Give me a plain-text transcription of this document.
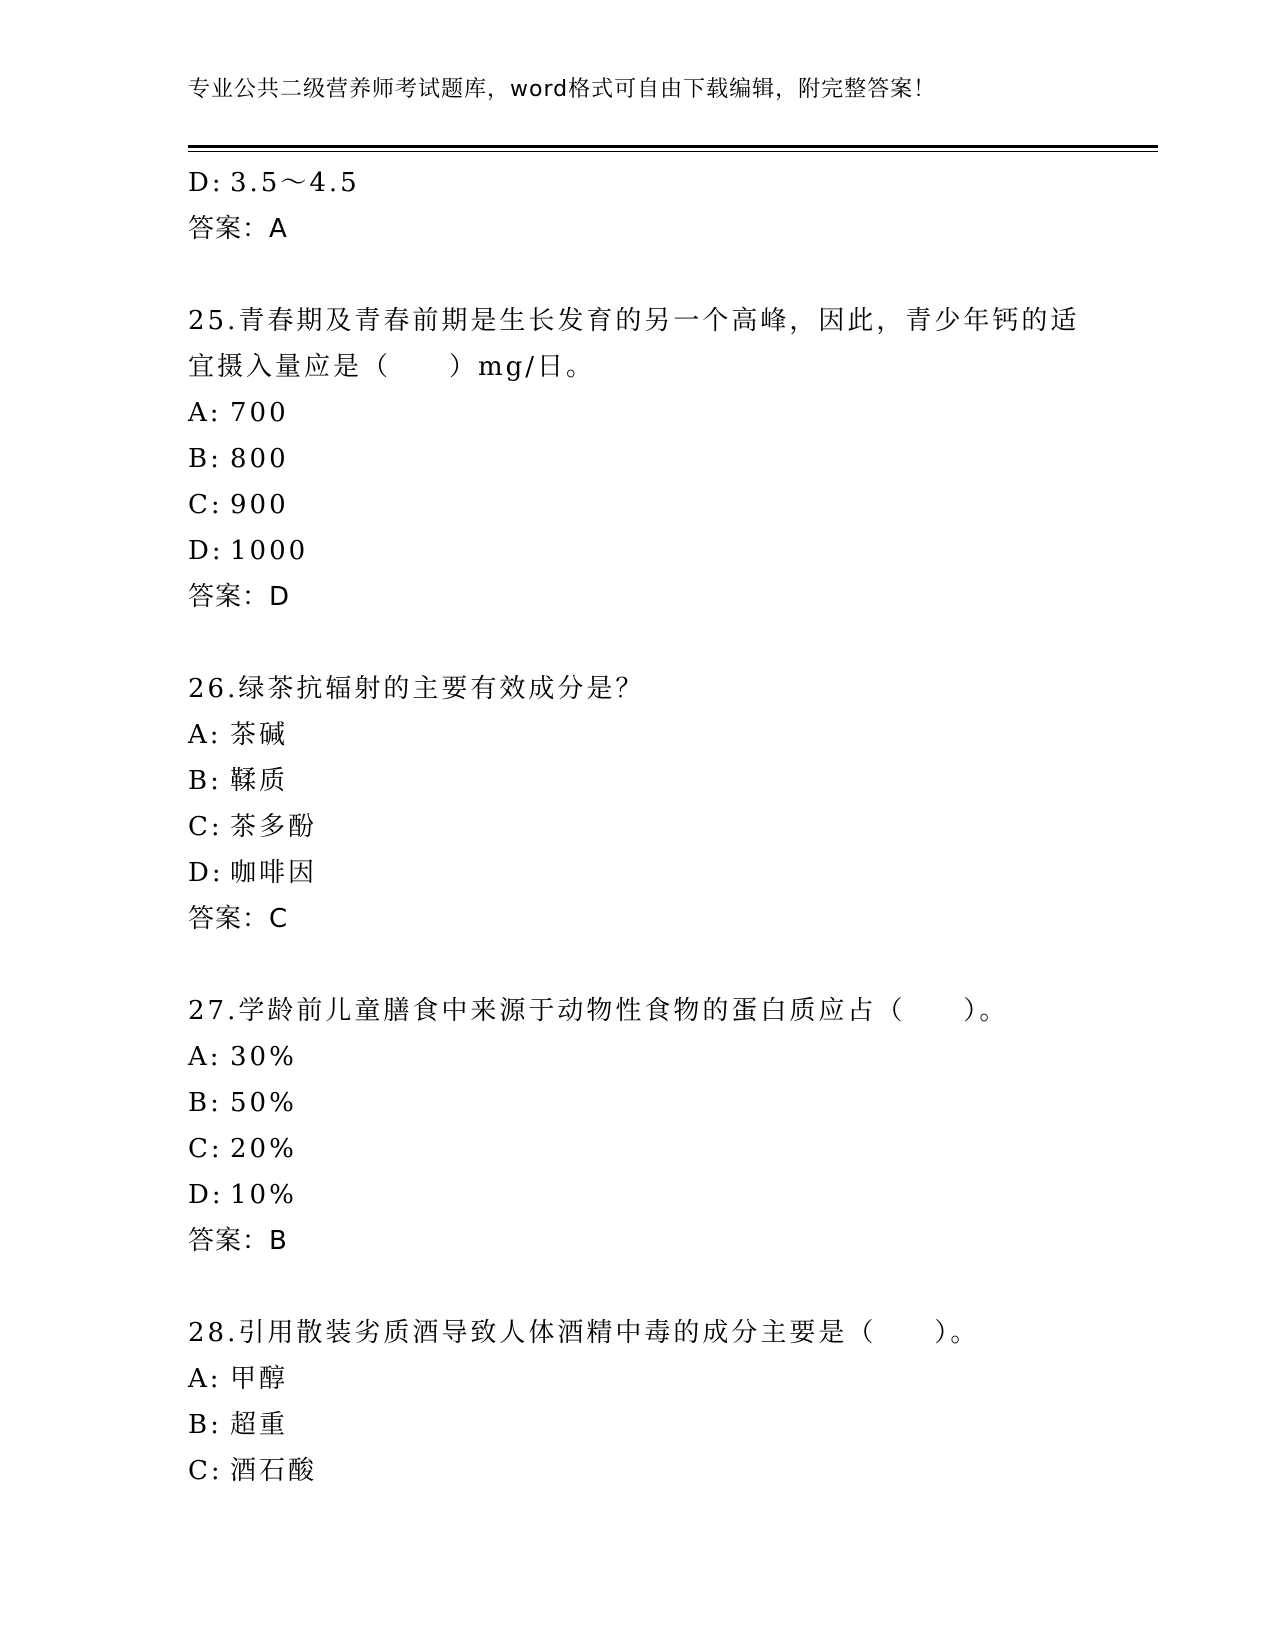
专业公共二级营养师考试题库，word格式可自由下载编辑，附完整答案！
D: 3.5～4.5
答案：A
25.青春期及青春前期是生长发育的另一个高峰，因此，青少年钙的适
宜摄入量应是（　　）mg/日。
A: 700
B: 800
C: 900
D: 1000
答案：D
26.绿茶抗辐射的主要有效成分是？
A: 茶碱
B: 鞣质
C: 茶多酚
D: 咖啡因
答案：C
27.学龄前儿童膳食中来源于动物性食物的蛋白质应占（　　）。
A: 30%
B: 50%
C: 20%
D: 10%
答案：B
28.引用散装劣质酒导致人体酒精中毒的成分主要是（　　）。
A: 甲醇
B: 超重
C: 酒石酸
